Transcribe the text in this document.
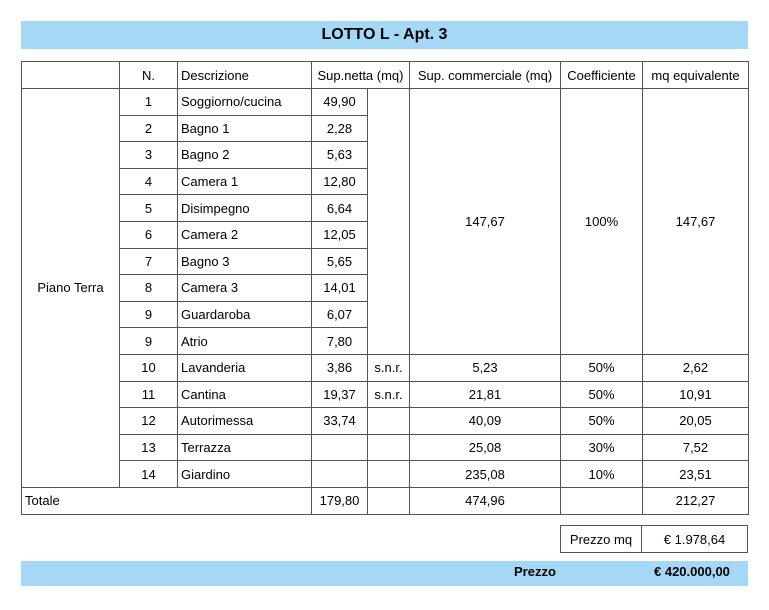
LOTTO L - Apt. 3
	N.	Descrizione	Sup.netta (mq)		Sup. commerciale (mq)	Coefficiente	mq equivalente
Piano Terra	1	Soggiorno/cucina	49,90		147,67	100%	147,67
	2	Bagno 1	2,28				
	3	Bagno 2	5,63				
	4	Camera 1	12,80				
	5	Disimpegno	6,64				
	6	Camera 2	12,05				
	7	Bagno 3	5,65				
	8	Camera 3	14,01				
	9	Guardaroba	6,07				
	9	Atrio	7,80				
	10	Lavanderia	3,86	s.n.r.	5,23	50%	2,62
	11	Cantina	19,37	s.n.r.	21,81	50%	10,91
	12	Autorimessa	33,74		40,09	50%	20,05
	13	Terrazza			25,08	30%	7,52
	14	Giardino			235,08	10%	23,51
Totale			179,80		474,96		212,27
Prezzo mq	€ 1.978,64
Prezzo	€ 420.000,00
